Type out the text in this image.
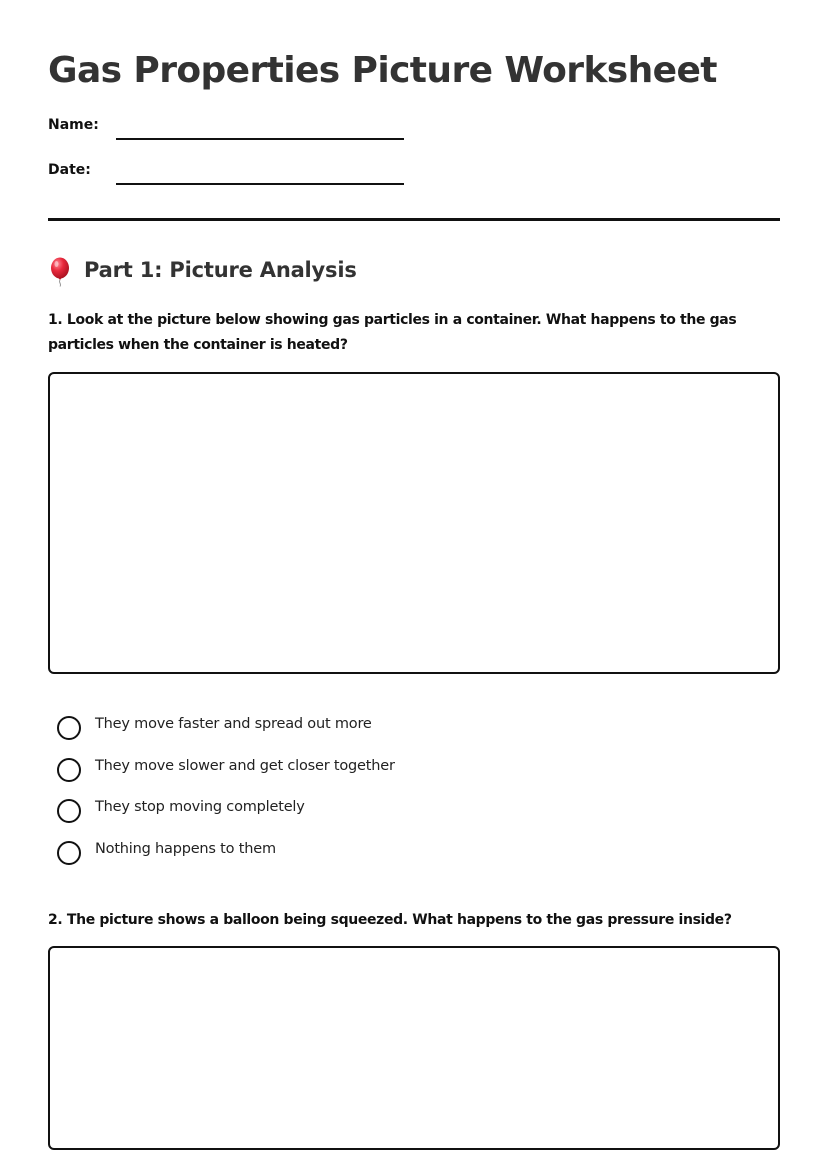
Gas Properties Picture Worksheet
Name:
Date:
Part 1: Picture Analysis

1. Look at the picture below showing gas particles in a container. What happens to the gas particles when the container is heated?

They move faster and spread out more
They move slower and get closer together
They stop moving completely
Nothing happens to them

2. The picture shows a balloon being squeezed. What happens to the gas pressure inside?
